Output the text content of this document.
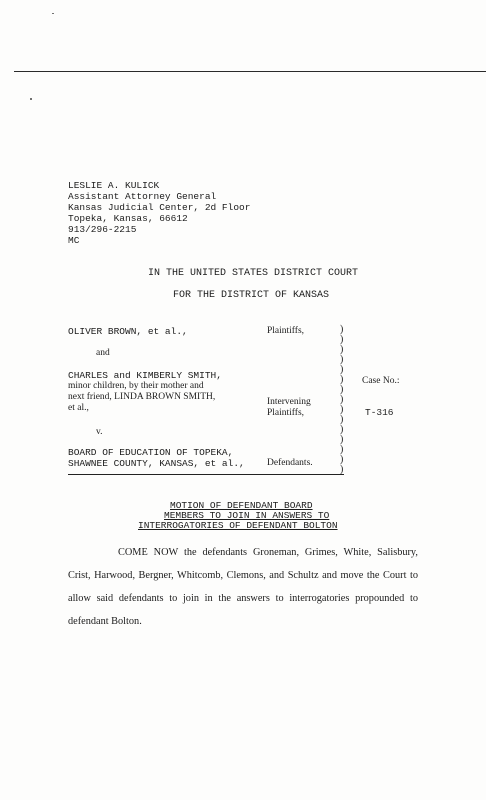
LESLIE A. KULICK
Assistant Attorney General
Kansas Judicial Center, 2d Floor
Topeka, Kansas, 66612
913/296-2215
MC
IN THE UNITED STATES DISTRICT COURT
FOR THE DISTRICT OF KANSAS
OLIVER BROWN, et al.,	Plaintiffs,
and
CHARLES and KIMBERLY SMITH,
minor children, by their mother and
next friend, LINDA BROWN SMITH,
et al.,
Intervening
Plaintiffs,
v.
BOARD OF EDUCATION OF TOPEKA,
SHAWNEE COUNTY, KANSAS, et al., Defendants.
Case No.:
T-316
)
)
)
)
)
)
)
)
)
)
)
)
)
)
)
MOTION OF DEFENDANT BOARD
MEMBERS TO JOIN IN ANSWERS TO
INTERROGATORIES OF DEFENDANT BOLTON
COME NOW the defendants Groneman, Grimes, White, Salisbury, Crist, Harwood, Bergner, Whitcomb, Clemons, and Schultz and move the Court to allow said defendants to join in the answers to interrogatories propounded to defendant Bolton.
